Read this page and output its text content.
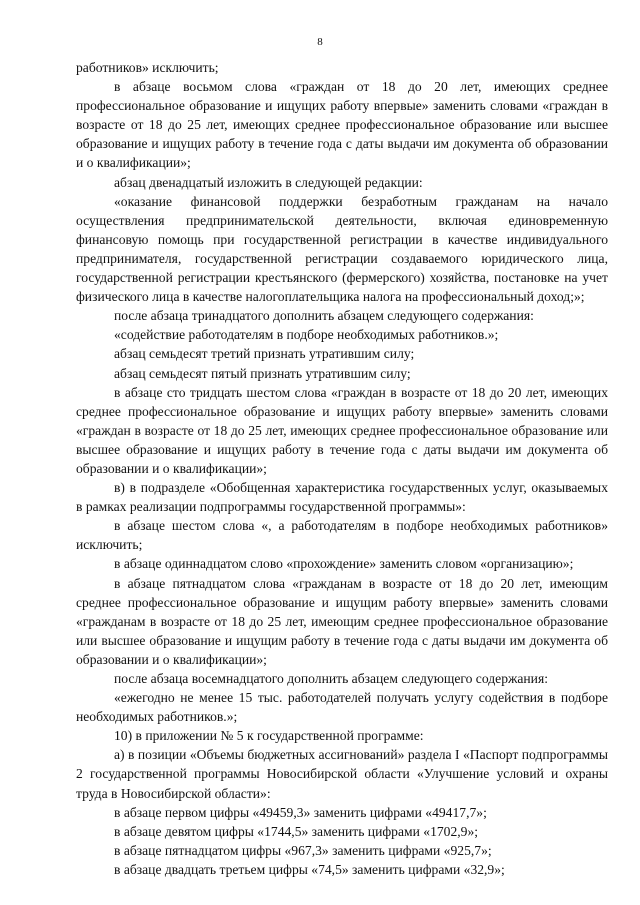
8

работников» исключить;

в абзаце восьмом слова «граждан от 18 до 20 лет, имеющих среднее профессиональное образование и ищущих работу впервые» заменить словами «граждан в возрасте от 18 до 25 лет, имеющих среднее профессиональное образование или высшее образование и ищущих работу в течение года с даты выдачи им документа об образовании и о квалификации»;

абзац двенадцатый изложить в следующей редакции:

«оказание финансовой поддержки безработным гражданам на начало осуществления предпринимательской деятельности, включая единовременную финансовую помощь при государственной регистрации в качестве индивидуального предпринимателя, государственной регистрации создаваемого юридического лица, государственной регистрации крестьянского (фермерского) хозяйства, постановке на учет физического лица в качестве налогоплательщика налога на профессиональный доход;»;

после абзаца тринадцатого дополнить абзацем следующего содержания:

«содействие работодателям в подборе необходимых работников.»;

абзац семьдесят третий признать утратившим силу;

абзац семьдесят пятый признать утратившим силу;

в абзаце сто тридцать шестом слова «граждан в возрасте от 18 до 20 лет, имеющих среднее профессиональное образование и ищущих работу впервые» заменить словами «граждан в возрасте от 18 до 25 лет, имеющих среднее профессиональное образование или высшее образование и ищущих работу в течение года с даты выдачи им документа об образовании и о квалификации»;

в) в подразделе «Обобщенная характеристика государственных услуг, оказываемых в рамках реализации подпрограммы государственной программы»:

в абзаце шестом слова «, а работодателям в подборе необходимых работников» исключить;

в абзаце одиннадцатом слово «прохождение» заменить словом «организацию»;

в абзаце пятнадцатом слова «гражданам в возрасте от 18 до 20 лет, имеющим среднее профессиональное образование и ищущим работу впервые» заменить словами «гражданам в возрасте от 18 до 25 лет, имеющим среднее профессиональное образование или высшее образование и ищущим работу в течение года с даты выдачи им документа об образовании и о квалификации»;

после абзаца восемнадцатого дополнить абзацем следующего содержания:

«ежегодно не менее 15 тыс. работодателей получать услугу содействия в подборе необходимых работников.»;

10) в приложении № 5 к государственной программе:

а) в позиции «Объемы бюджетных ассигнований» раздела I «Паспорт подпрограммы 2 государственной программы Новосибирской области «Улучшение условий и охраны труда в Новосибирской области»:

в абзаце первом цифры «49459,3» заменить цифрами «49417,7»;

в абзаце девятом цифры «1744,5» заменить цифрами «1702,9»;

в абзаце пятнадцатом цифры «967,3» заменить цифрами «925,7»;

в абзаце двадцать третьем цифры «74,5» заменить цифрами «32,9»;
